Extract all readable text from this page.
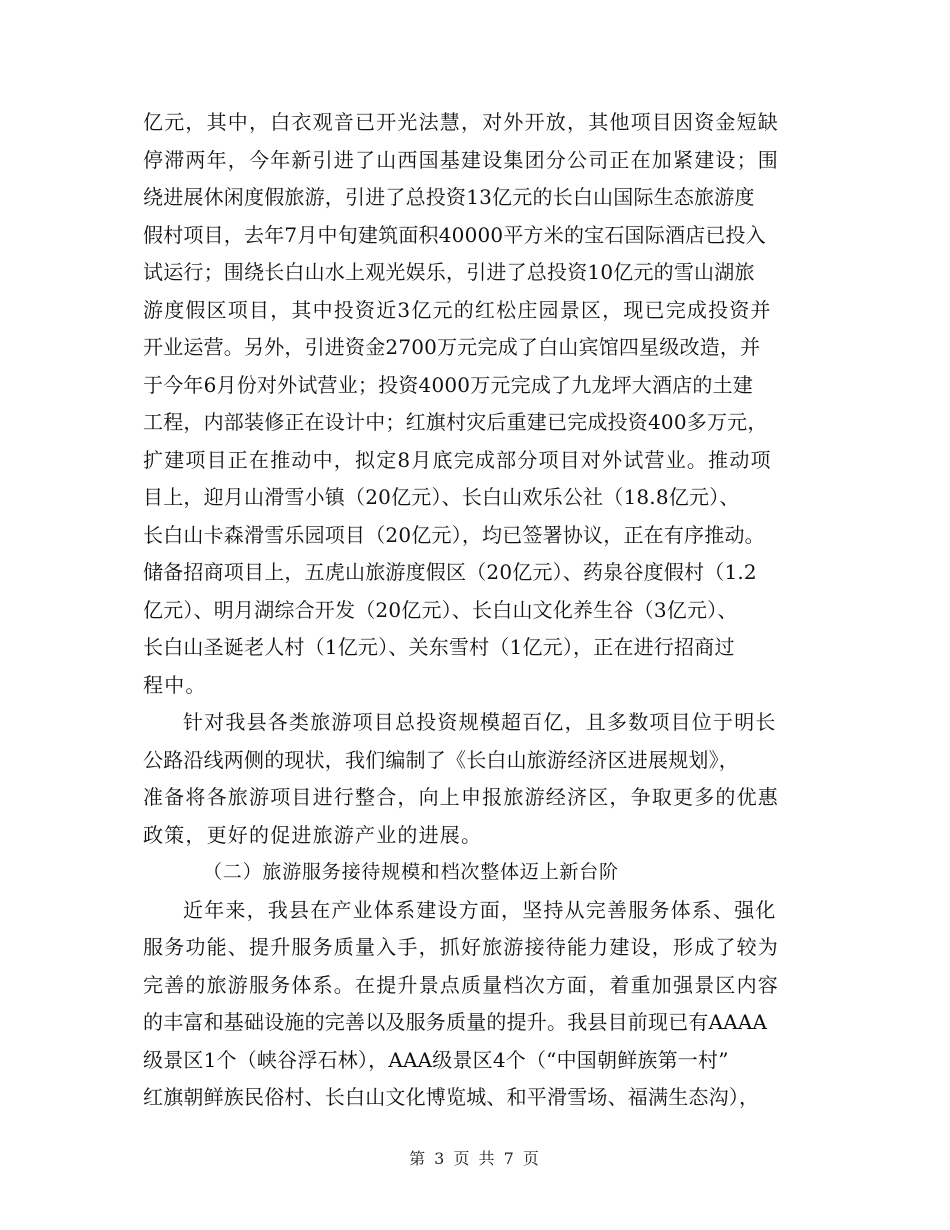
亿元，其中，白衣观音已开光法慧，对外开放，其他项目因资金短缺
停滞两年，今年新引进了山西国基建设集团分公司正在加紧建设；围
绕进展休闲度假旅游，引进了总投资13亿元的长白山国际生态旅游度
假村项目，去年7月中旬建筑面积40000平方米的宝石国际酒店已投入
试运行；围绕长白山水上观光娱乐，引进了总投资10亿元的雪山湖旅
游度假区项目，其中投资近3亿元的红松庄园景区，现已完成投资并
开业运营。另外，引进资金2700万元完成了白山宾馆四星级改造，并
于今年6月份对外试营业；投资4000万元完成了九龙坪大酒店的土建
工程，内部装修正在设计中；红旗村灾后重建已完成投资400多万元，
扩建项目正在推动中，拟定8月底完成部分项目对外试营业。推动项
目上，迎月山滑雪小镇（20亿元）、长白山欢乐公社（18.8亿元）、
长白山卡森滑雪乐园项目（20亿元），均已签署协议，正在有序推动。
储备招商项目上，五虎山旅游度假区（20亿元）、药泉谷度假村（1.2
亿元）、明月湖综合开发（20亿元）、长白山文化养生谷（3亿元）、
长白山圣诞老人村（1亿元）、关东雪村（1亿元），正在进行招商过
程中。
针对我县各类旅游项目总投资规模超百亿，且多数项目位于明长
公路沿线两侧的现状，我们编制了《长白山旅游经济区进展规划》，
准备将各旅游项目进行整合，向上申报旅游经济区，争取更多的优惠
政策，更好的促进旅游产业的进展。
（二）旅游服务接待规模和档次整体迈上新台阶
近年来，我县在产业体系建设方面，坚持从完善服务体系、强化
服务功能、提升服务质量入手，抓好旅游接待能力建设，形成了较为
完善的旅游服务体系。在提升景点质量档次方面，着重加强景区内容
的丰富和基础设施的完善以及服务质量的提升。我县目前现已有AAAA
级景区1个（峡谷浮石林），AAA级景区4个（“中国朝鲜族第一村”
红旗朝鲜族民俗村、长白山文化博览城、和平滑雪场、福满生态沟），
第 3 页 共 7 页
